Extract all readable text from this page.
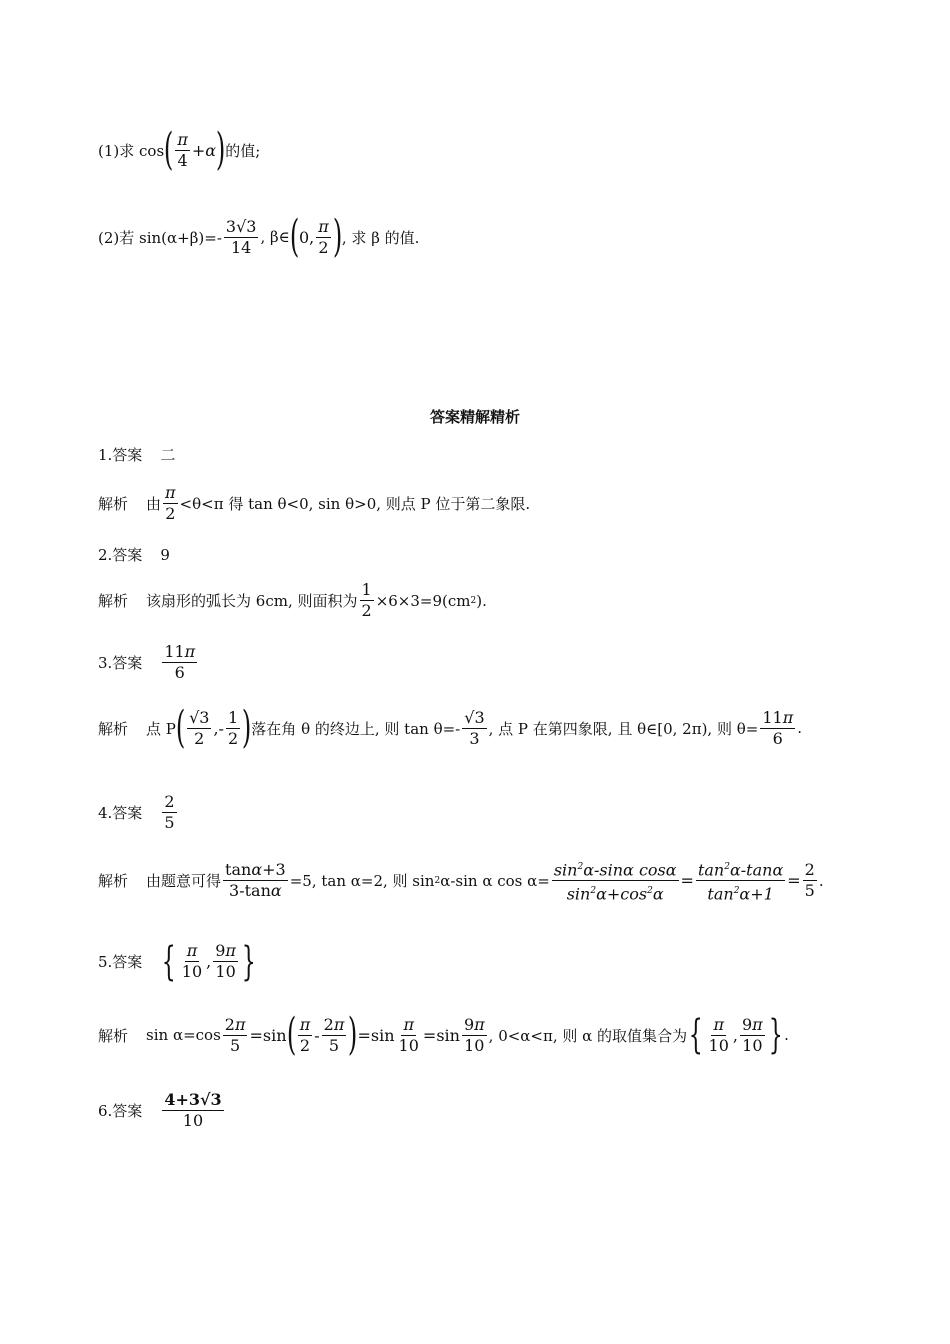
(1)求 cos ( $\frac{\pi}{4} +\alpha$ ) 的值;
(2)若 $\sin(\alpha+\beta)=- \frac{3√3}{14}$ , β∈ ( 0, $\frac{\pi}{2}$ ) , 求 β 的值.
答案精解精析
1.答案 二
解析 由 $\frac{\pi}{2} <\theta<\pi$ 得 tan θ<0, sin θ>0, 则点 P 位于第二象限.
2.答案 9
解析 该扇形的弧长为 6cm, 则面积为 $\frac{1}{2} \times 6\times 3=9(cm$ 2 ).
3.答案 $\frac{11\pi}{6}$
解析 点 P ( $\frac{√3}{2}$ ,- $\frac{1}{2}$ ) 落在角 θ 的终边上, 则 $\tan \theta=- \frac{√3}{3}$ , 点 P 在第四象限, 且 θ∈[0, 2π), 则 $\theta= \frac{11\pi}{6}$ .
4.答案 $\frac{2}{5}$
解析 由题意可得 $\frac{\tan\alpha+3}{3-\tan\alpha} =5$, tan α=2, 则 sin 2 α-sin α $\cos \alpha= \frac{\sin^2\alpha-\sin\alpha \cos\alpha}{\sin^2\alpha+\cos^2\alpha} = \frac{\tan^2\alpha-\tan\alpha}{\tan^2\alpha+1} = \frac{2}{5}$ .
5.答案 { $\frac{\pi}{10}$ , $\frac{9\pi}{10}$ }
解析 $\sin \alpha=\cos \frac{2\pi}{5} =\sin$ ( $\frac{\pi}{2} - \frac{2\pi}{5}$ ) $=\sin \frac{\pi}{10} =\sin \frac{9\pi}{10}$ , 0<α<π, 则 α 的取值集合为 { $\frac{\pi}{10}$ , $\frac{9\pi}{10}$ } .
6.答案 $\frac{4+3√3}{10}$
